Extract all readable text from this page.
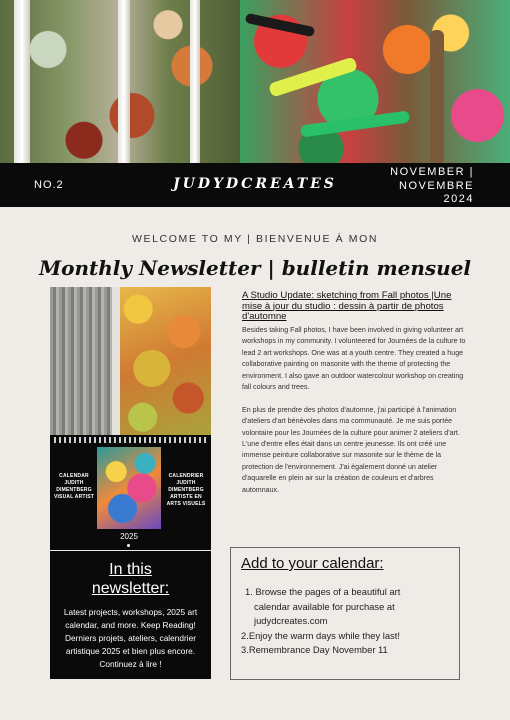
NO.2	JUDYDCREATES
NOVEMBER |
NOVEMBRE
2024
WELCOME TO MY | BIENVENUE À MON
Monthly Newsletter | bulletin mensuel
CALENDAR
JUDITH
DIMENTBERG
VISUAL ARTIST
CALENDRIER
JUDITH
DIMENTBERG
ARTISTE EN
ARTS VISUELS
2025
In this
newsletter:
Latest projects, workshops, 2025 art calendar, and more. Keep Reading! Derniers projets, ateliers, calendrier artistique 2025 et bien plus encore. Continuez à lire !
A Studio Update: sketching from Fall photos |Une mise à jour du studio : dessin à partir de photos d'automne

Besides taking Fall photos, I have been involved in giving volunteer art workshops in my community. I volunteered for Journées de la culture to lead 2 art workshops. One was at a youth centre. They created a huge collaborative painting on masonite with the theme of protecting the environment. I also gave an outdoor watercolour workshop on creating fall colours and trees.

En plus de prendre des photos d'automne, j'ai participé à l'animation d'ateliers d'art bénévoles dans ma communauté. Je me suis portée volontaire pour les Journées de la culture pour animer 2 ateliers d'art. L'une d'entre elles était dans un centre jeunesse. Ils ont créé une immense peinture collaborative sur masonite sur le thème de la protection de l'environnement. J'ai également donné un atelier d'aquarelle en plein air sur la création de couleurs et d'arbres automnaux.

Add to your calendar:
1. Browse the pages of a beautiful art
calendar available for purchase at
judydcreates.com
2.Enjoy the warm days while they last!
3.Remembrance Day November 11
